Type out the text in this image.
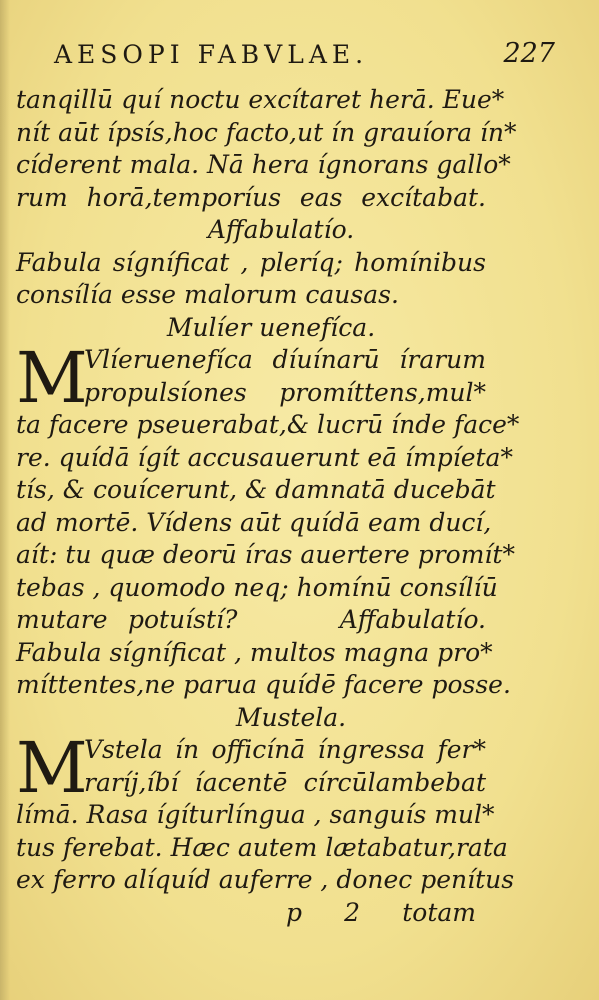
AESOPI FABVLAE.	227
tanqillū quí noctu excítaret herā. Eue*
nít aūt ípsís,hoc facto,ut ín grauíora ín*
cíderent mala. Nā hera ígnorans gallo*
rum horā,temporíus eas excítabat.
Affabulatío.
Fabula sígníficat , pleríq; homínibus
consílía esse malorum causas.
Mulíer uenefíca.
M
Vlíeruenefíca díuínarū írarum
propulsíones promíttens,mul*
ta facere pseuerabat,& lucrū índe face*
re. quídā ígít accusauerunt eā ímpíeta*
tís, & couícerunt, & damnatā ducebāt
ad mortē. Vídens aūt quídā eam ducí,
aít: tu quæ deorū íras auertere promít*
tebas , quomodo neq; homínū consílíū
mutare potuístí?     Affabulatío.
Fabula sígníficat , multos magna pro*
míttentes,ne parua quídē facere posse.
Mustela.
M
Vstela ín officínā íngressa fer*
raríj,íbí íacentē círcūlambebat
límā. Rasa ígíturlíngua , sanguís mul*
tus ferebat. Hæc autem lætabatur,rata
ex ferro alíquíd auferre , donec penítus
p 2 totam
